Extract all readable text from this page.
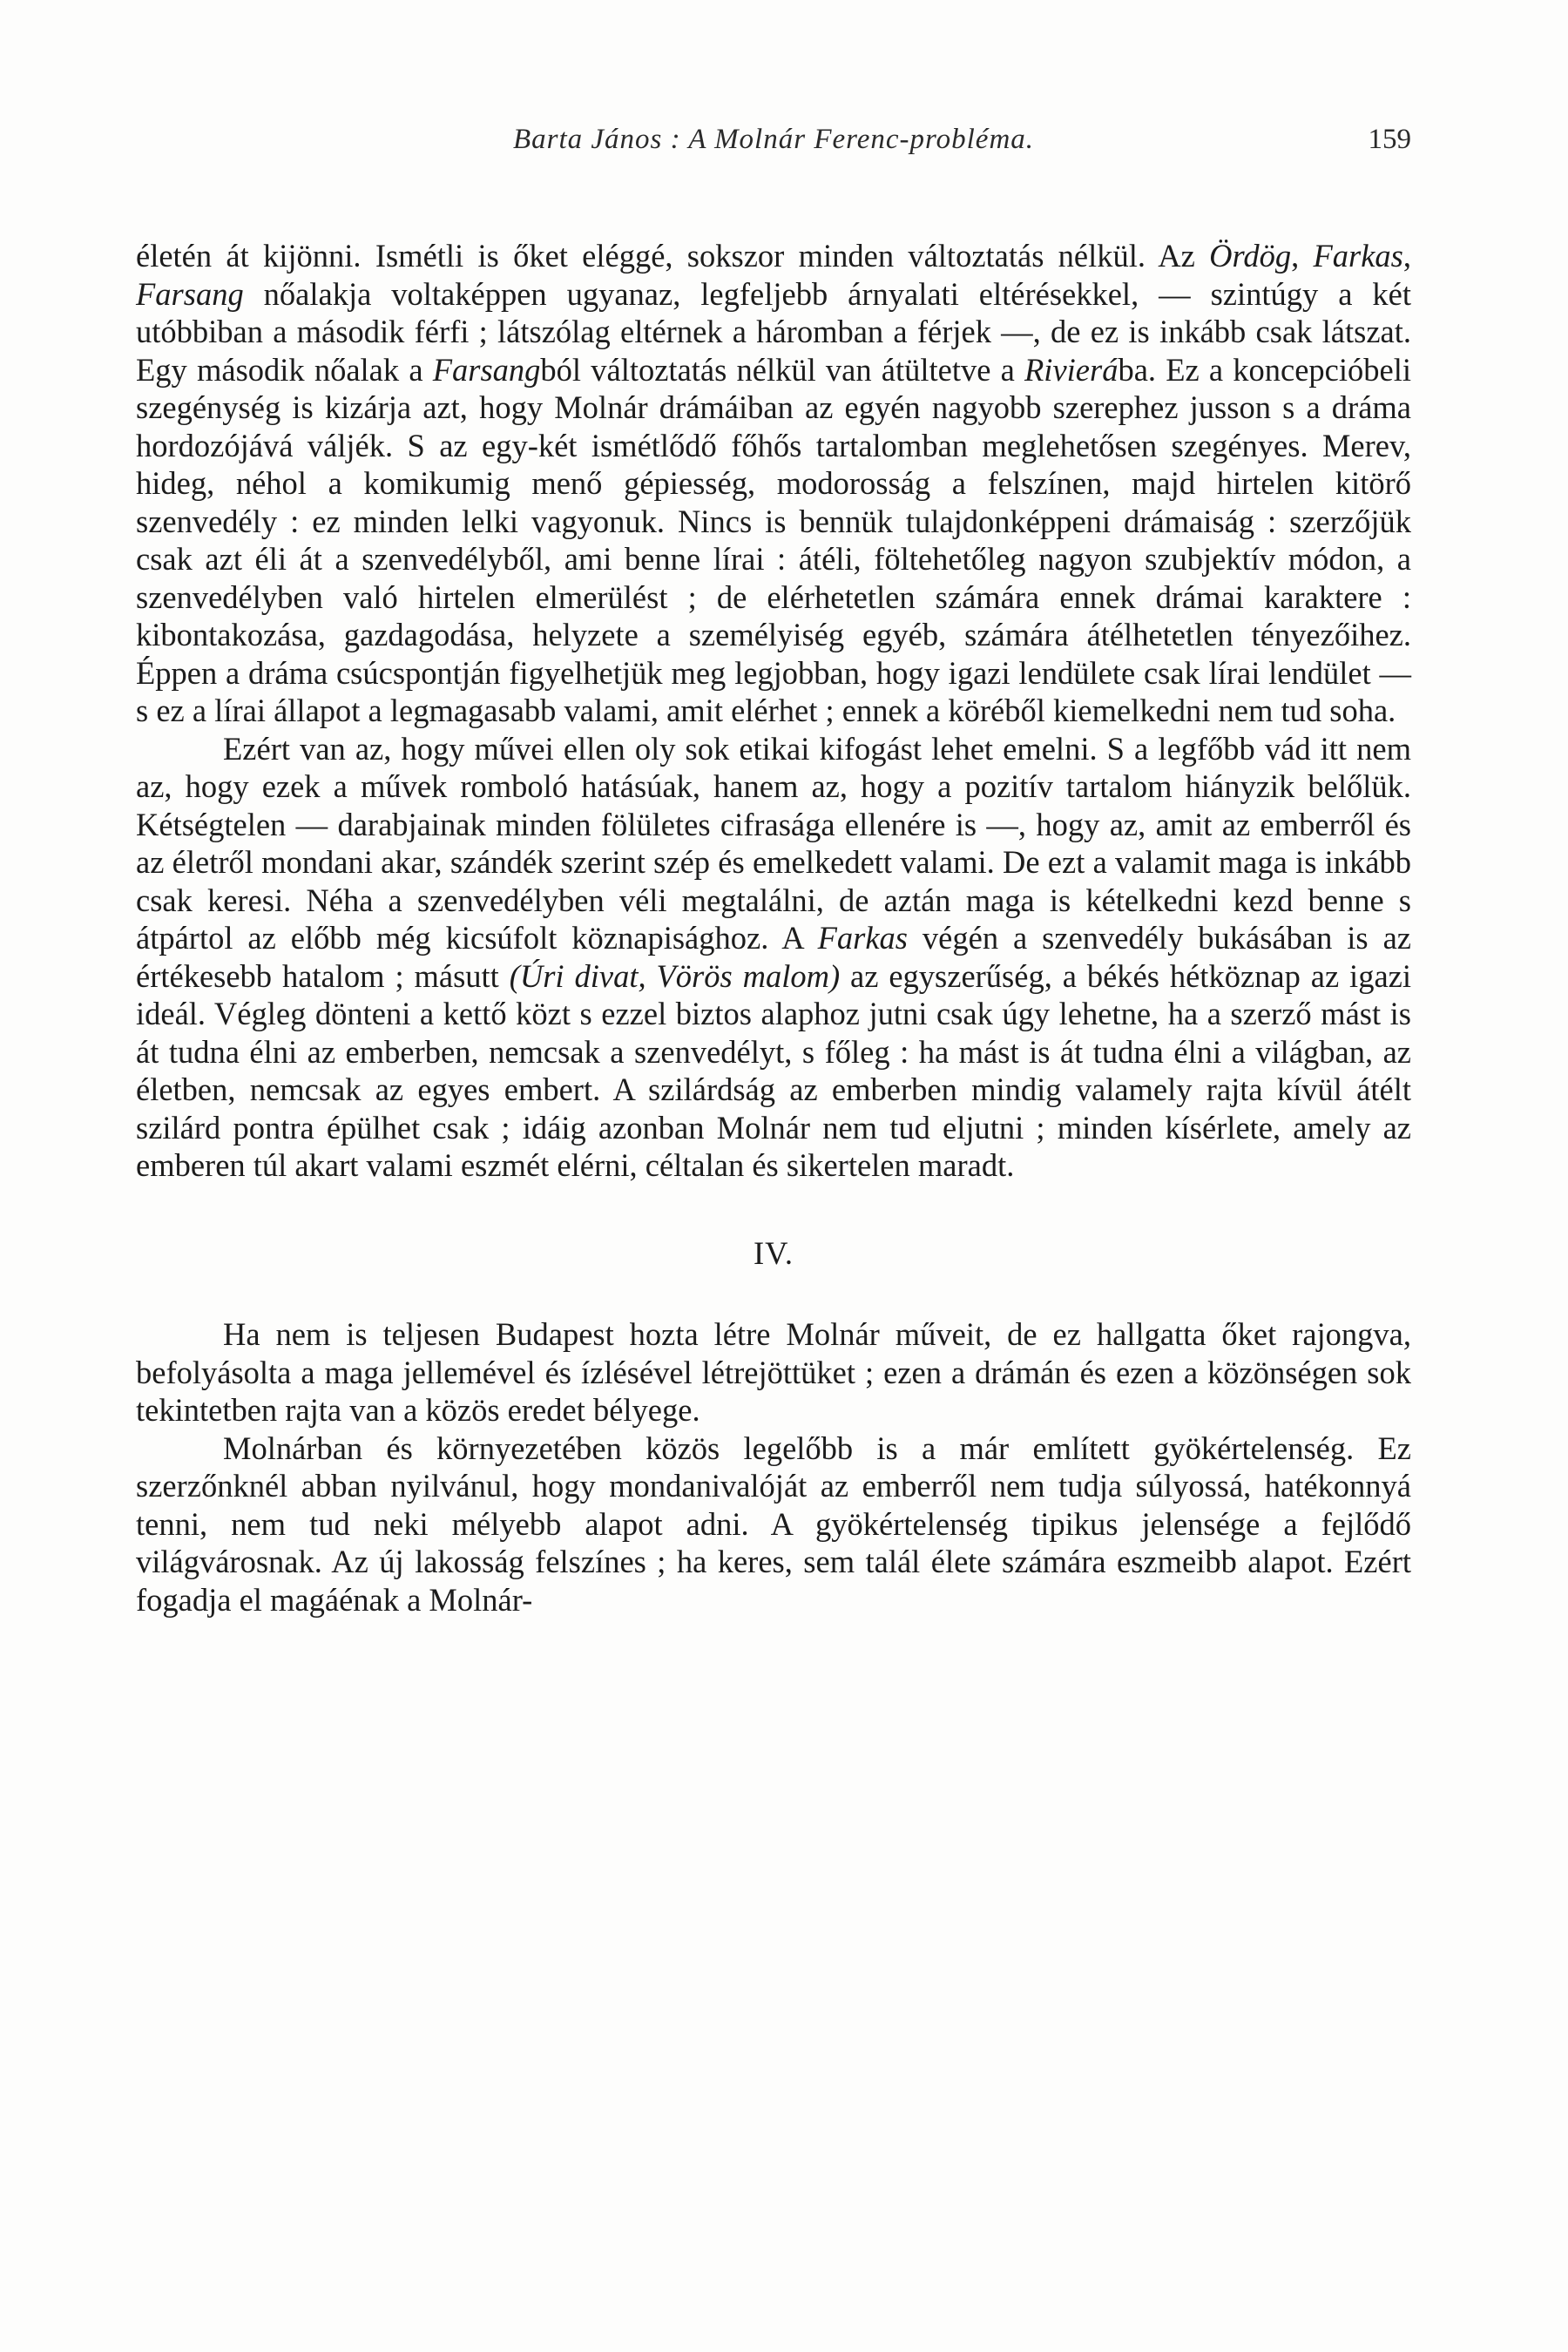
Barta János : A Molnár Ferenc-probléma.	159

életén át kijönni. Ismétli is őket eléggé, sokszor minden változtatás nélkül. Az Ördög, Farkas, Farsang nőalakja voltaképpen ugyanaz, legfeljebb árnyalati eltérésekkel, — szintúgy a két utóbbiban a második férfi ; látszólag eltérnek a háromban a férjek —, de ez is inkább csak látszat. Egy második nőalak a Farsangból változtatás nélkül van átültetve a Rivierába. Ez a koncepcióbeli szegénység is kizárja azt, hogy Molnár drámáiban az egyén nagyobb szerephez jusson s a dráma hordozójává váljék. S az egy-két ismétlődő főhős tartalomban meglehetősen szegényes. Merev, hideg, néhol a komikumig menő gépiesség, modorosság a felszínen, majd hirtelen kitörő szenvedély : ez minden lelki vagyonuk. Nincs is bennük tulajdonképpeni drámaiság : szerzőjük csak azt éli át a szenvedélyből, ami benne lírai : átéli, föltehetőleg nagyon szubjektív módon, a szenvedélyben való hirtelen elmerülést ; de elérhetetlen számára ennek drámai karaktere : kibontakozása, gazdagodása, helyzete a személyiség egyéb, számára átélhetetlen tényezőihez. Éppen a dráma csúcspontján figyelhetjük meg legjobban, hogy igazi lendülete csak lírai lendület — s ez a lírai állapot a legmagasabb valami, amit elérhet ; ennek a köréből kiemelkedni nem tud soha.

Ezért van az, hogy művei ellen oly sok etikai kifogást lehet emelni. S a legfőbb vád itt nem az, hogy ezek a művek romboló hatásúak, hanem az, hogy a pozitív tartalom hiányzik belőlük. Kétségtelen — darabjainak minden fölületes cifrasága ellenére is —, hogy az, amit az emberről és az életről mondani akar, szándék szerint szép és emelkedett valami. De ezt a valamit maga is inkább csak keresi. Néha a szenvedélyben véli megtalálni, de aztán maga is kételkedni kezd benne s átpártol az előbb még kicsúfolt köznapisághoz. A Farkas végén a szenvedély bukásában is az értékesebb hatalom ; másutt (Úri divat, Vörös malom) az egyszerűség, a békés hétköznap az igazi ideál. Végleg dönteni a kettő közt s ezzel biztos alaphoz jutni csak úgy lehetne, ha a szerző mást is át tudna élni az emberben, nemcsak a szenvedélyt, s főleg : ha mást is át tudna élni a világban, az életben, nemcsak az egyes embert. A szilárdság az emberben mindig valamely rajta kívül átélt szilárd pontra épülhet csak ; idáig azonban Molnár nem tud eljutni ; minden kísérlete, amely az emberen túl akart valami eszmét elérni, céltalan és sikertelen maradt.

IV.

Ha nem is teljesen Budapest hozta létre Molnár műveit, de ez hallgatta őket rajongva, befolyásolta a maga jellemével és ízlésével létrejöttüket ; ezen a drámán és ezen a közönségen sok tekintetben rajta van a közös eredet bélyege.

Molnárban és környezetében közös legelőbb is a már említett gyökértelenség. Ez szerzőnknél abban nyilvánul, hogy mondanivalóját az emberről nem tudja súlyossá, hatékonnyá tenni, nem tud neki mélyebb alapot adni. A gyökértelenség tipikus jelensége a fejlődő világvárosnak. Az új lakosság felszínes ; ha keres, sem talál élete számára eszmeibb alapot. Ezért fogadja el magáénak a Molnár-
